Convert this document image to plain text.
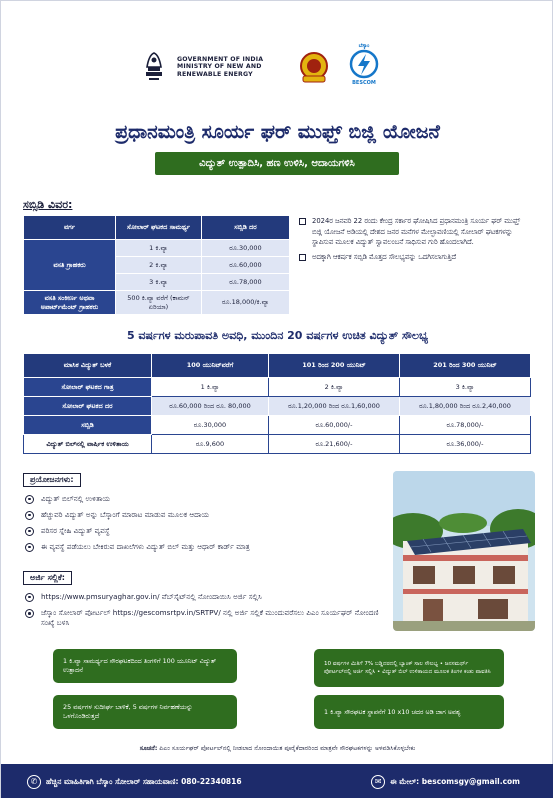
GOVERNMENT OF INDIA MINISTRY OF NEW AND RENEWABLE ENERGY
ಬೆಸ್ಕಾಂ
BESCOM
ಪ್ರಧಾನಮಂತ್ರಿ ಸೂರ್ಯ ಘರ್ ಮುಫ್ತ್ ಬಿಜ್ಲಿ ಯೋಜನೆ
ವಿದ್ಯುತ್ ಉತ್ಪಾದಿಸಿ, ಹಣ ಉಳಿಸಿ, ಆದಾಯಗಳಿಸಿ
ಸಬ್ಸಿಡಿ ವಿವರ:
ವರ್ಗ	ಸೋಲಾರ್ ಘಟಕದ ಸಾಮರ್ಥ್ಯ	ಸಬ್ಸಿಡಿ ದರ
ವಸತಿ ಗ್ರಾಹಕರು	1 ಕಿ.ವ್ಯಾ	ರೂ.30,000
	2 ಕಿ.ವ್ಯಾ	ರೂ.60,000
	3 ಕಿ.ವ್ಯಾ	ರೂ.78,000
ವಸತಿ ಸಂಕೀರ್ಣ ಅಥವಾ ಅಪಾರ್ಟ್‌ಮೆಂಟ್ ಗ್ರಾಹಕರು	500 ಕಿ.ವ್ಯಾ ವರೆಗೆ (ಕಾಮನ್ ಏರಿಯಾ)	ರೂ.18,000/ಕಿ.ವ್ಯಾ
2024ರ ಜನವರಿ 22 ರಂದು ಕೇಂದ್ರ ಸರ್ಕಾರ ಘೋಷಿಸಿದ ಪ್ರಧಾನಮಂತ್ರಿ ಸೂರ್ಯ ಘರ್ ಮುಫ್ತ್ ಬಿಜ್ಲಿ ಯೋಜನೆ ಅಡಿಯಲ್ಲಿ ದೇಶದ ಜನರ ಮನೆಗಳ ಮೇಲ್ಛಾವಣಿಯಲ್ಲಿ ಸೋಲಾರ್ ಘಟಕಗಳನ್ನು ಸ್ಥಾಪಿಸುವ ಮೂಲಕ ವಿದ್ಯುತ್ ಸ್ವಾವಲಂಬನೆ ಸಾಧಿಸುವ ಗುರಿ ಹೊಂದಲಾಗಿದೆ.
ಅದಕ್ಕಾಗಿ ಆಕರ್ಷಕ ಸಬ್ಸಿಡಿ ಮೊತ್ತದ ಸೌಲಭ್ಯವನ್ನು ಒದಗಿಸಲಾಗುತ್ತಿದೆ
5 ವರ್ಷಗಳ ಮರುಪಾವತಿ ಅವಧಿ, ಮುಂದಿನ 20 ವರ್ಷಗಳ ಉಚಿತ ವಿದ್ಯುತ್ ಸೌಲಭ್ಯ
ಮಾಸಿಕ ವಿದ್ಯುತ್ ಬಳಕೆ	100 ಯುನಿಟ್‌ವರೆಗೆ	101 ರಿಂದ 200 ಯುನಿಟ್	201 ರಿಂದ 300 ಯುನಿಟ್
ಸೋಲಾರ್ ಘಟಕದ ಗಾತ್ರ	1 ಕಿ.ವ್ಯಾ	2 ಕಿ.ವ್ಯಾ	3 ಕಿ.ವ್ಯಾ
ಸೋಲಾರ್ ಘಟಕದ ದರ	ರೂ.60,000 ರಿಂದ ರೂ. 80,000	ರೂ.1,20,000 ರಿಂದ ರೂ.1,60,000	ರೂ.1,80,000 ರಿಂದ ರೂ.2,40,000
ಸಬ್ಸಿಡಿ	ರೂ.30,000	ರೂ.60,000/-	ರೂ.78,000/-
ವಿದ್ಯುತ್ ಬಿಲ್‌ನಲ್ಲಿ ವಾರ್ಷಿಕ ಉಳಿತಾಯ	ರೂ.9,600	ರೂ.21,600/-	ರೂ.36,000/-
ಪ್ರಯೋಜನಗಳು:
ವಿದ್ಯುತ್ ಬಿಲ್‌ನಲ್ಲಿ ಉಳಿತಾಯ
ಹೆಚ್ಚುವರಿ ವಿದ್ಯುತ್ ಅನ್ನು ಬೆಸ್ಕಾಂಗೆ ಮಾರಾಟ ಮಾಡುವ ಮೂಲಕ ಆದಾಯ
ಪರಿಸರ ಸ್ನೇಹಿ ವಿದ್ಯುತ್ ವ್ಯವಸ್ಥೆ
ಈ ವ್ಯವಸ್ಥೆ ಪಡೆಯಲು ಬೇಕಿರುವ ದಾಖಲೆಗಳು ವಿದ್ಯುತ್ ಬಿಲ್ ಮತ್ತು ಆಧಾರ್ ಕಾರ್ಡ್ ಮಾತ್ರ
ಅರ್ಜಿ ಸಲ್ಲಿಕೆ:
https://www.pmsuryaghar.gov.in/ ವೆಬ್‌ಸೈಟ್‌ನಲ್ಲಿ ನೋಂದಾಯಿಸಿ ಅರ್ಜಿ ಸಲ್ಲಿಸಿ
ಜೆಸ್ಕಾಂ ಸೋಲಾರ್ ಪೋರ್ಟಲ್ https://gescomsrtpv.in/SRTPV/ ನಲ್ಲಿ ಅರ್ಜಿ ಸಲ್ಲಿಕೆ ಮುಂದುವರೆಸಲು ಪಿಎಂ ಸೂರ್ಯಘರ್ ನೋಂದಣಿ ಸಂಖ್ಯೆ ಬಳಸಿ
1 ಕಿ.ವ್ಯಾ ಸಾಮರ್ಥ್ಯದ ಸೌರಘಟಕದಿಂದ ತಿಂಗಳಿಗೆ 100 ಯೂನಿಟ್ ವಿದ್ಯುತ್ ಉತ್ಪಾದನೆ
10 ವರ್ಷಗಳ ಮಿತಿಗೆ 7% ಬಡ್ಡಿದರದಲ್ಲಿ ಬ್ಯಾಂಕ್ ಸಾಲ ಸೌಲಭ್ಯ • ಜನಸಮರ್ಥ್ ಪೋರ್ಟಲ್‌ನಲ್ಲಿ ಅರ್ಜಿ ಸಲ್ಲಿಸಿ • ವಿದ್ಯುತ್ ಬಿಲ್ ಉಳಿತಾಯದ ಮೂಲಕ ತಿಂಗಳ ಕಂತು ಪಾವತಿಸಿ
25 ವರ್ಷಗಳ ಸುದೀರ್ಘ ಬಾಳಿಕೆ, 5 ವರ್ಷಗಳ ನಿರ್ವಹಣೆಯನ್ನು ಒಳಗೊಂಡಿರುತ್ತದೆ
1 ಕಿ.ವ್ಯಾ ಸೌರಘಟಕ ಸ್ಥಾಪನೆಗೆ 10 x10 ಚದರ ಅಡಿ ಜಾಗ ಅವಶ್ಯ
ಸೂಚನೆ: ಪಿಎಂ ಸೂರ್ಯಘರ್ ಪೋರ್ಟಲ್‌ನಲ್ಲಿ ನೀಡಲಾದ ನೋಂದಾಯಿತ ಪೂರೈಕೆದಾರರಿಂದ ಮಾತ್ರವೇ ಸೌರಘಟಕಗಳನ್ನು ಅಳವಡಿಸಿಕೊಳ್ಳಬೇಕು
✆	ಹೆಚ್ಚಿನ ಮಾಹಿತಿಗಾಗಿ ಬೆಸ್ಕಾಂ ಸೋಲಾರ್ ಸಹಾಯವಾಣಿ: 080-22340816	✉	ಈ ಮೇಲ್: bescomsgy@gmail.com
